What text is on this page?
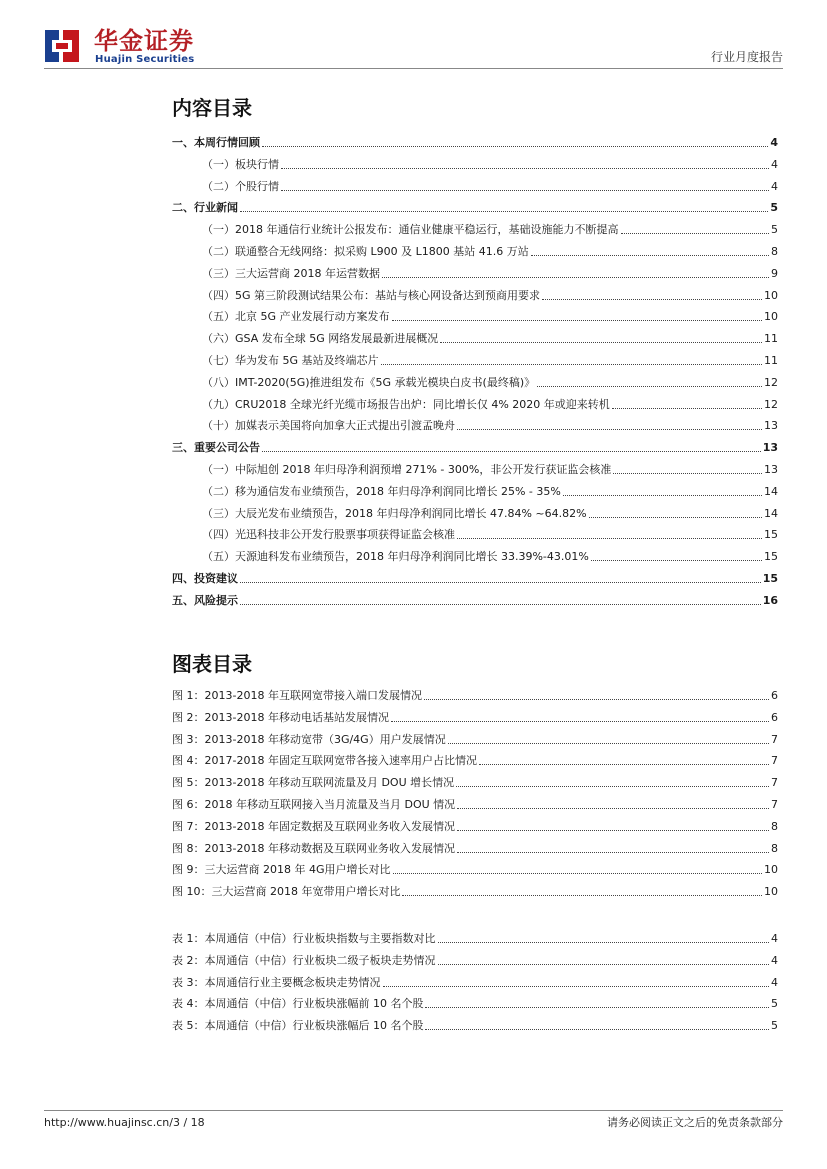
华金证券
Huajin Securities	行业月度报告
内容目录
一、本周行情回顾	4
（一）板块行情	4
（二）个股行情	4
二、行业新闻	5
（一）2018 年通信行业统计公报发布：通信业健康平稳运行，基础设施能力不断提高	5
（二）联通整合无线网络：拟采购 L900 及 L1800 基站 41.6 万站	8
（三）三大运营商 2018 年运营数据	9
（四）5G 第三阶段测试结果公布：基站与核心网设备达到预商用要求	10
（五）北京 5G 产业发展行动方案发布	10
（六）GSA 发布全球 5G 网络发展最新进展概况	11
（七）华为发布 5G 基站及终端芯片	11
（八）IMT-2020(5G)推进组发布《5G 承载光模块白皮书(最终稿)》	12
（九）CRU2018 全球光纤光缆市场报告出炉：同比增长仅 4% 2020 年或迎来转机	12
（十）加媒表示美国将向加拿大正式提出引渡孟晚舟	13
三、重要公司公告	13
（一）中际旭创 2018 年归母净利润预增 271% - 300%，非公开发行获证监会核准	13
（二）移为通信发布业绩预告，2018 年归母净利润同比增长 25% - 35%	14
（三）大辰光发布业绩预告，2018 年归母净利润同比增长 47.84% ~64.82%	14
（四）光迅科技非公开发行股票事项获得证监会核准	15
（五）天源迪科发布业绩预告，2018 年归母净利润同比增长 33.39%-43.01%	15
四、投资建议	15
五、风险提示	16
图表目录
图 1：2013-2018 年互联网宽带接入端口发展情况	6
图 2：2013-2018 年移动电话基站发展情况	6
图 3：2013-2018 年移动宽带（3G/4G）用户发展情况	7
图 4：2017-2018 年固定互联网宽带各接入速率用户占比情况	7
图 5：2013-2018 年移动互联网流量及月 DOU 增长情况	7
图 6：2018 年移动互联网接入当月流量及当月 DOU 情况	7
图 7：2013-2018 年固定数据及互联网业务收入发展情况	8
图 8：2013-2018 年移动数据及互联网业务收入发展情况	8
图 9：三大运营商 2018 年 4G用户增长对比	10
图 10：三大运营商 2018 年宽带用户增长对比	10
表 1：本周通信（中信）行业板块指数与主要指数对比	4
表 2：本周通信（中信）行业板块二级子板块走势情况	4
表 3：本周通信行业主要概念板块走势情况	4
表 4：本周通信（中信）行业板块涨幅前 10 名个股	5
表 5：本周通信（中信）行业板块涨幅后 10 名个股	5
http://www.huajinsc.cn/3 / 18	请务必阅读正文之后的免责条款部分
